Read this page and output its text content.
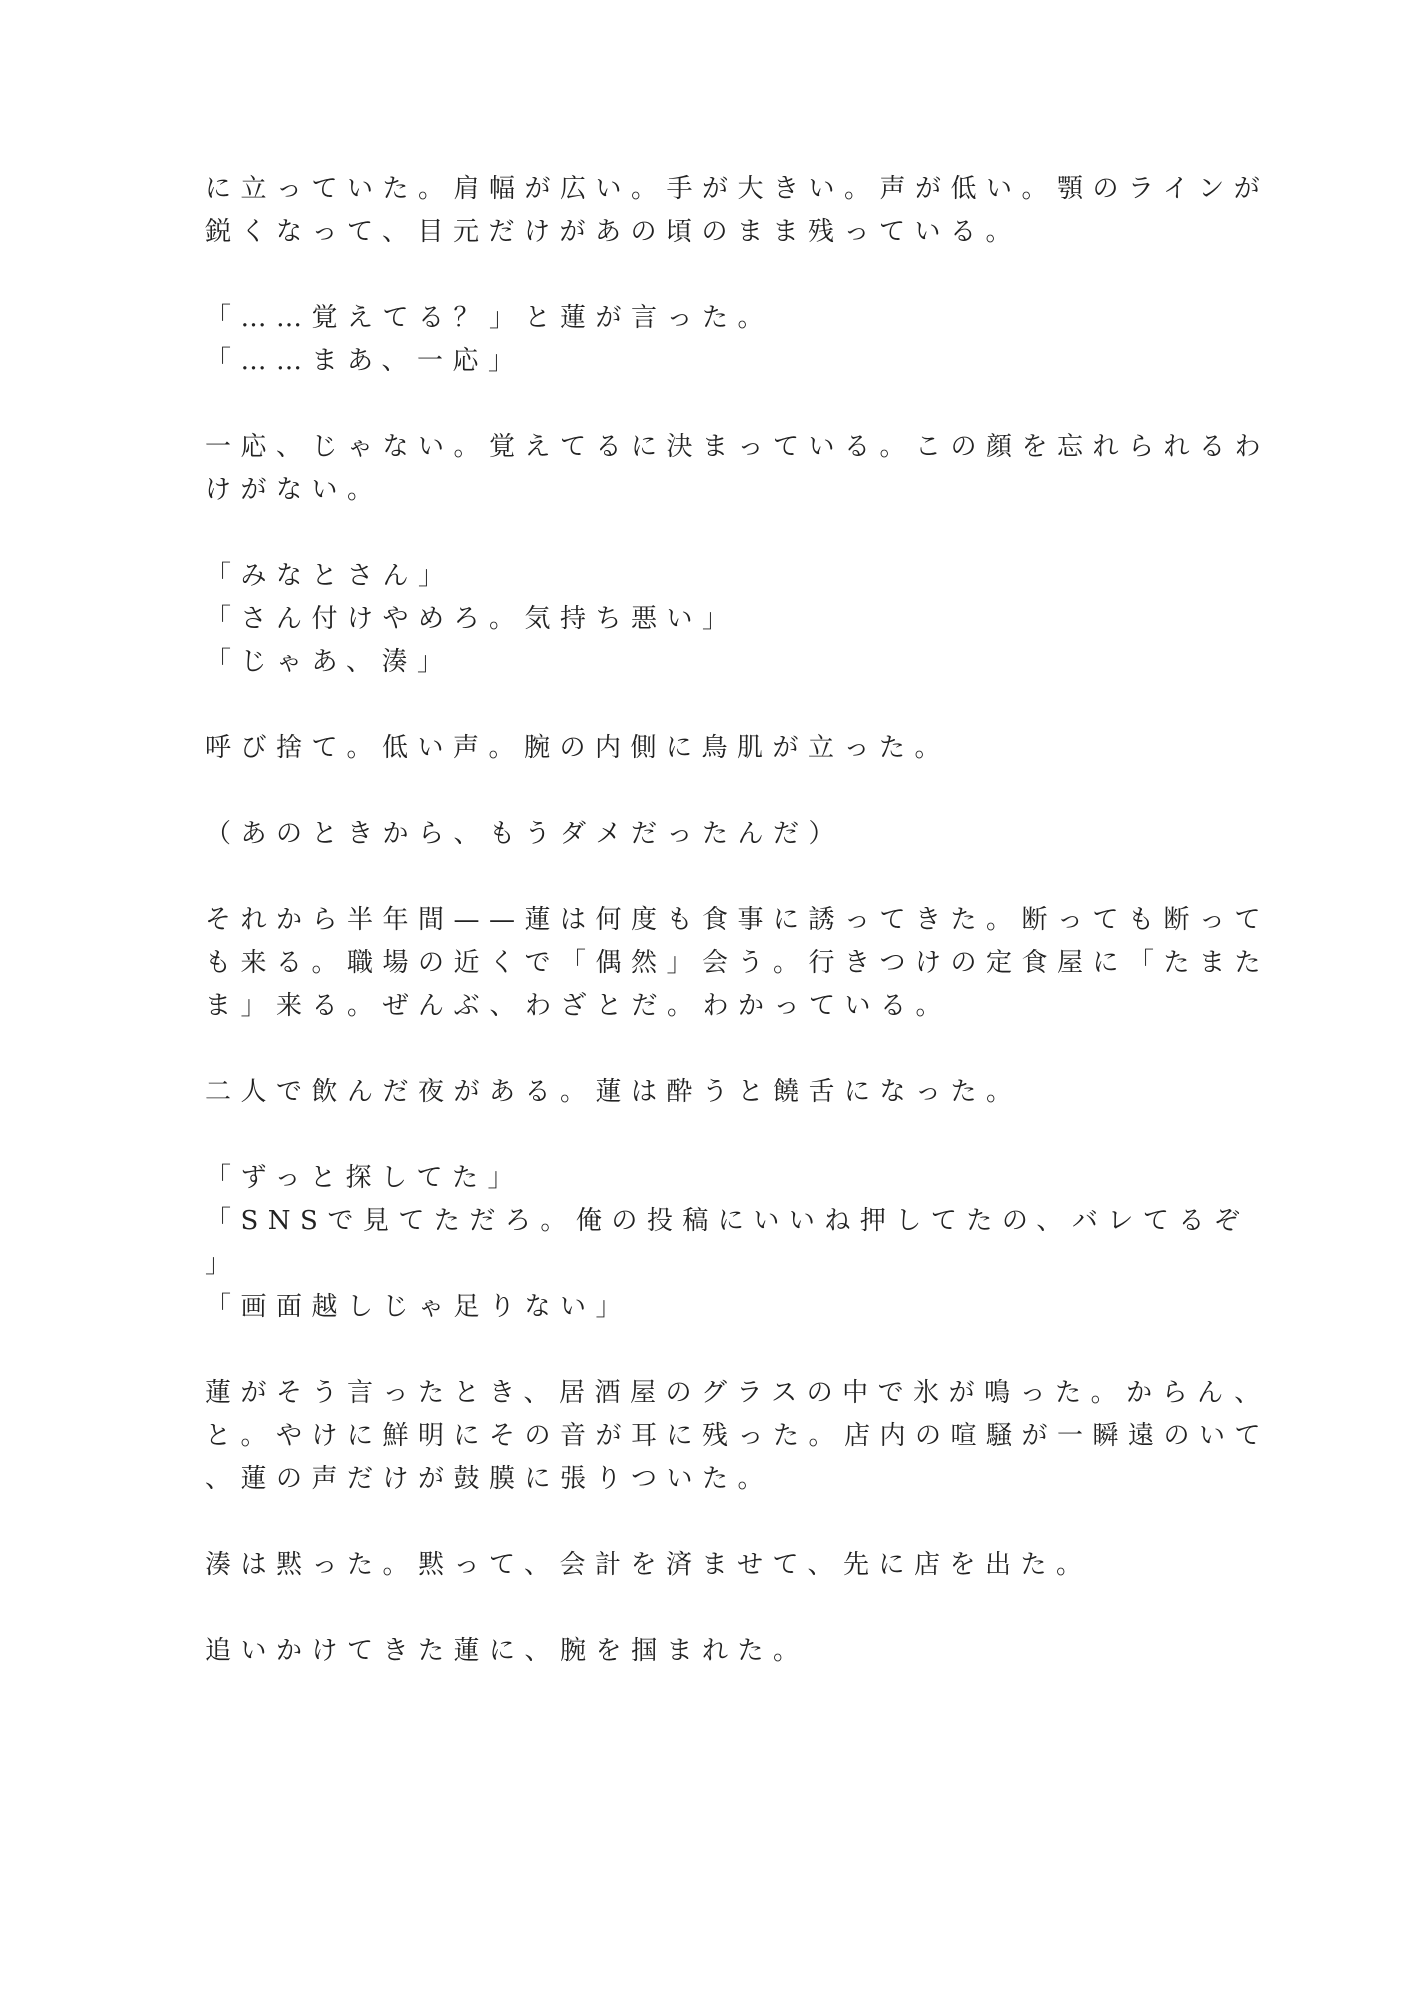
に立っていた。肩幅が広い。手が大きい。声が低い。顎のラインが

鋭くなって、目元だけがあの頃のまま残っている。

「……覚えてる？」と蓮が言った。

「……まあ、一応」

一応、じゃない。覚えてるに決まっている。この顔を忘れられるわ

けがない。

「みなとさん」

「さん付けやめろ。気持ち悪い」

「じゃあ、湊」

呼び捨て。低い声。腕の内側に鳥肌が立った。

（あのときから、もうダメだったんだ）

それから半年間——蓮は何度も食事に誘ってきた。断っても断って

も来る。職場の近くで「偶然」会う。行きつけの定食屋に「たまた

ま」来る。ぜんぶ、わざとだ。わかっている。

二人で飲んだ夜がある。蓮は酔うと饒舌になった。

「ずっと探してた」

「SNSで見てただろ。俺の投稿にいいね押してたの、バレてるぞ

」

「画面越しじゃ足りない」

蓮がそう言ったとき、居酒屋のグラスの中で氷が鳴った。からん、

と。やけに鮮明にその音が耳に残った。店内の喧騒が一瞬遠のいて

、蓮の声だけが鼓膜に張りついた。

湊は黙った。黙って、会計を済ませて、先に店を出た。

追いかけてきた蓮に、腕を掴まれた。
